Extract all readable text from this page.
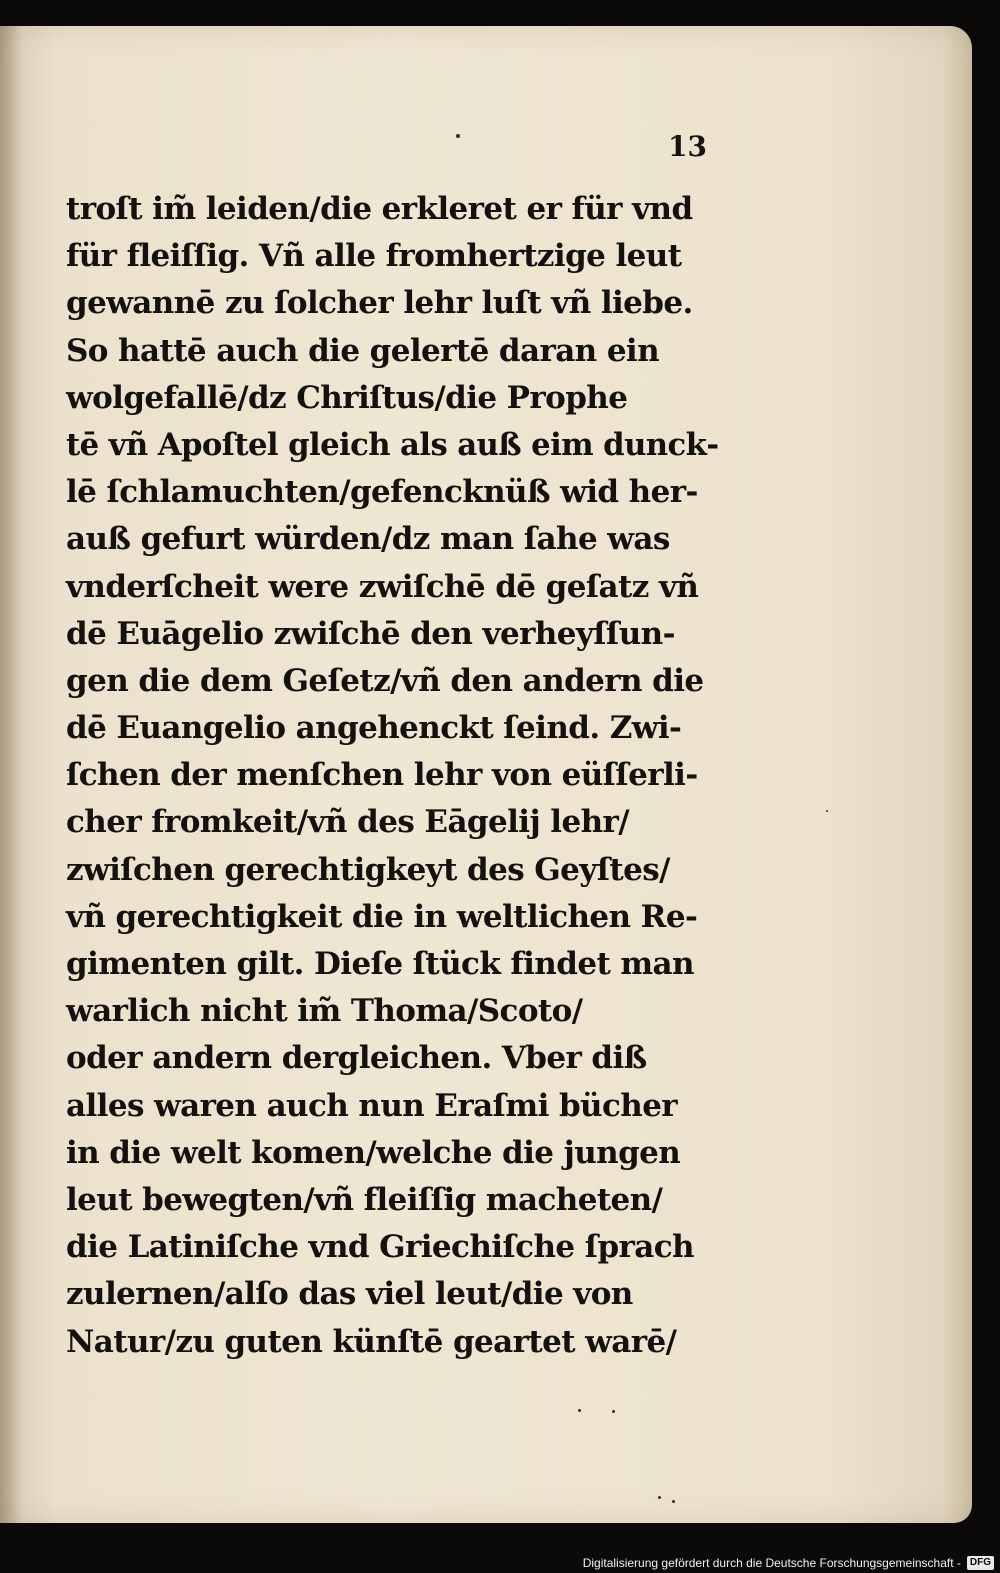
13
troſt im̃ leiden/die erkleret er für vnd
für fleiſſig. Vñ alle fromhertzige leut
gewannē zu ſolcher lehr luſt vñ liebe.
So hattē auch die gelertē daran ein
wolgefallē/dz Chriſtus/die Prophe
tē vñ Apoſtel gleich als auß eim dunck‑
lē ſchlamuchten/gefencknüß wid her‑
auß gefurt würden/dz man ſahe was
vnderſcheit were zwiſchē dē geſatz vñ
dē Euāgelio zwiſchē den verheyſſun‑
gen die dem Geſetz/vñ den andern die
dē Euangelio angehenckt ſeind. Zwi‑
ſchen der menſchen lehr von eüſſerli‑
cher fromkeit/vñ des Eāgelij lehr/
zwiſchen gerechtigkeyt des Geyſtes/
vñ gerechtigkeit die in weltlichen Re‑
gimenten gilt. Dieſe ſtück findet man
warlich nicht im̃ Thoma/Scoto/
oder andern dergleichen. Vber diß
alles waren auch nun Eraſmi bücher
in die welt komen/welche die jungen
leut bewegten/vñ fleiſſig macheten/
die Latiniſche vnd Griechiſche ſprach
zulernen/alſo das viel leut/die von
Natur/zu guten künſtē geartet warē/
Digitalisierung gefördert durch die Deutsche Forschungsgemeinschaft - DFG
